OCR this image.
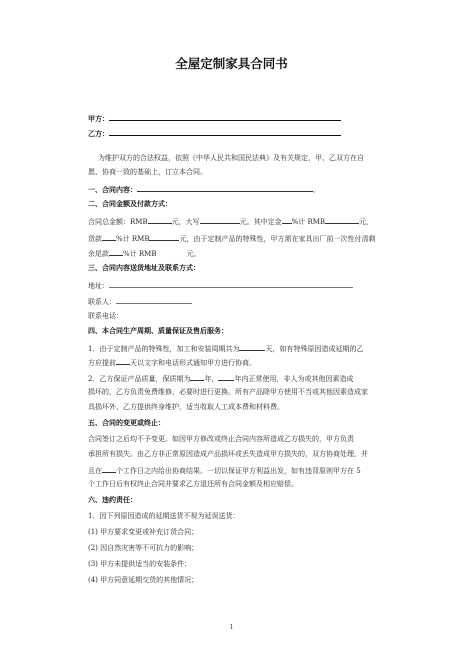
全屋定制家具合同书
甲方：
乙方：
为维护双方的合法权益，依照《中华人民共和国民法典》及有关规定，甲、乙双方在自
愿、协商一致的基础上，订立本合同。
一、合同内容：	。
二、合同金额及付款方式：
合同总金额：RMB	元，大写	元。其中定金 %计 RMB	元，
货款 %计 RMB	元，由于定制产品的特殊性，甲方需在家具出厂前一次性付清剩
余尾款 %计 RMB	元。
三、合同内容送货地址及联系方式：
地址：
联系人：
联系电话：
四、本合同生产周期、质量保证及售后服务：
1．由于定制产品的特殊性，加工和安装周期共为	天，如有特殊原因造成延期的乙
方应提前 天以文字和电话形式通知甲方进行协商。
2．乙方保证产品质量，保质期为 年， 年内正常使用，非人为或其他因素造成
损坏的，乙方负责免费维修，必要时进行更换。所有产品除甲方使用不当或其他因素造成家
具损坏外，乙方提供终身维护，适当收取人工成本费和材料费。
五、合同的变更或终止：
合同签订之后均不予变更。如因甲方修改或终止合同内容所造成乙方损失的，甲方负责
承担所有损失。由乙方非正常原因造成产品损坏或丢失造成甲方损失的，双方协商处理，并
且在 个工作日之内给出协商结果。一切以保证甲方利益出发，如有违背原则甲方在 5
个工作日后有权终止合同并要求乙方退还所有合同金额及相应赔偿。
六、违约责任：
1．因下列原因造成的延期送货不视为延误送货：
(1) 甲方要求变更或补充订货合同；
(2) 因自然灾害等不可抗力的影响；
(3) 甲方未提供适当的安装条件；
(4) 甲方同意延期交货的其他情况；
1
